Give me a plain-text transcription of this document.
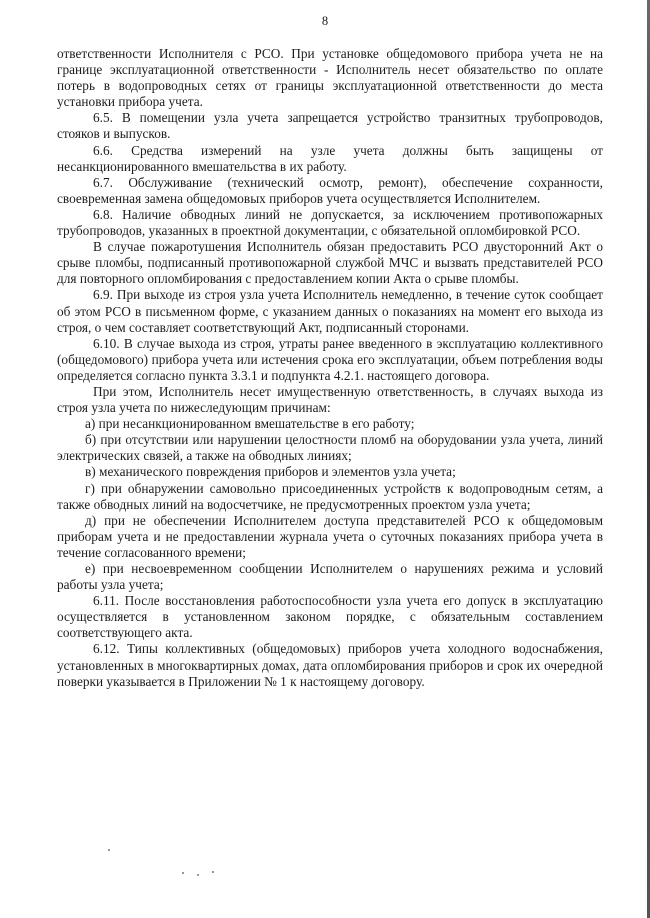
8

ответственности Исполнителя с РСО. При установке общедомового прибора учета не на границе эксплуатационной ответственности - Исполнитель несет обязательство по оплате потерь в водопроводных сетях от границы эксплуатационной ответственности до места установки прибора учета.

6.5. В помещении узла учета запрещается устройство транзитных трубопроводов, стояков и выпусков.

6.6. Средства измерений на узле учета должны быть защищены от несанкционированного вмешательства в их работу.

6.7. Обслуживание (технический осмотр, ремонт), обеспечение сохранности, своевременная замена общедомовых приборов учета осуществляется Исполнителем.

6.8. Наличие обводных линий не допускается, за исключением противопожарных трубопроводов, указанных в проектной документации, с обязательной опломбировкой РСО.

В случае пожаротушения Исполнитель обязан предоставить РСО двусторонний Акт о срыве пломбы, подписанный противопожарной службой МЧС и вызвать представителей РСО для повторного опломбирования с предоставлением копии Акта о срыве пломбы.

6.9. При выходе из строя узла учета Исполнитель немедленно, в течение суток сообщает об этом РСО в письменном форме, с указанием данных о показаниях на момент его выхода из строя, о чем составляет соответствующий Акт, подписанный сторонами.

6.10. В случае выхода из строя, утраты ранее введенного в эксплуатацию коллективного (общедомового) прибора учета или истечения срока его эксплуатации, объем потребления воды определяется согласно пункта 3.3.1 и подпункта 4.2.1. настоящего договора.

При этом, Исполнитель несет имущественную ответственность, в случаях выхода из строя узла учета по нижеследующим причинам:

а) при несанкционированном вмешательстве в его работу;

б) при отсутствии или нарушении целостности пломб на оборудовании узла учета, линий электрических связей, а также на обводных линиях;

в) механического повреждения приборов и элементов узла учета;

г) при обнаружении самовольно присоединенных устройств к водопроводным сетям, а также обводных линий на водосчетчике, не предусмотренных проектом узла учета;

д) при не обеспечении Исполнителем доступа представителей РСО к общедомовым приборам учета и не предоставлении журнала учета о суточных показаниях прибора учета в течение согласованного времени;

е) при несвоевременном сообщении Исполнителем о нарушениях режима и условий работы узла учета;

6.11. После восстановления работоспособности узла учета его допуск в эксплуатацию осуществляется в установленном законом порядке, с обязательным составлением соответствующего акта.

6.12. Типы коллективных (общедомовых) приборов учета холодного водоснабжения, установленных в многоквартирных домах, дата опломбирования приборов и срок их очередной поверки указывается в Приложении № 1 к настоящему договору.
